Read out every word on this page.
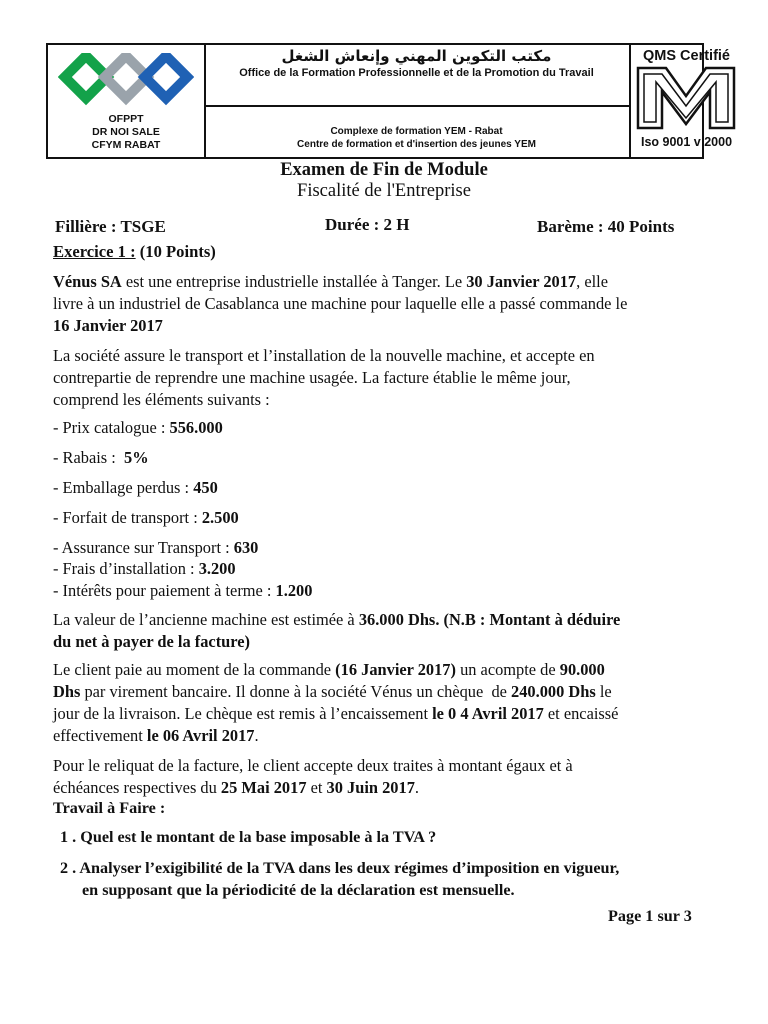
OFPPT
DR NOI SALE
CFYM RABAT
مكتب التكوين المهني وإنعاش الشغل
Office de la Formation Professionnelle et de la Promotion du Travail
Complexe de formation YEM - Rabat
Centre de formation et d'insertion des jeunes YEM
QMS Certifié
Iso 9001 v 2000
Examen de Fin de Module
Fiscalité de l'Entreprise
Fillière : TSGE	Durée : 2 H	Barème : 40 Points
Exercice 1 : (10 Points)
Vénus SA est une entreprise industrielle installée à Tanger. Le 30 Janvier 2017, elle
livre à un industriel de Casablanca une machine pour laquelle elle a passé commande le
16 Janvier 2017
La société assure le transport et l’installation de la nouvelle machine, et accepte en
contrepartie de reprendre une machine usagée. La facture établie le même jour,
comprend les éléments suivants :
- Prix catalogue : 556.000
- Rabais :  5%
- Emballage perdus : 450
- Forfait de transport : 2.500
- Assurance sur Transport : 630
- Frais d’installation : 3.200
- Intérêts pour paiement à terme : 1.200
La valeur de l’ancienne machine est estimée à 36.000 Dhs. (N.B : Montant à déduire
du net à payer de la facture)
Le client paie au moment de la commande (16 Janvier 2017) un acompte de 90.000
Dhs par virement bancaire. Il donne à la société Vénus un chèque  de 240.000 Dhs le
jour de la livraison. Le chèque est remis à l’encaissement le 0 4 Avril 2017 et encaissé
effectivement le 06 Avril 2017.
Pour le reliquat de la facture, le client accepte deux traites à montant égaux et à
échéances respectives du 25 Mai 2017 et 30 Juin 2017.
Travail à Faire :
1 . Quel est le montant de la base imposable à la TVA ?
2 . Analyser l’exigibilité de la TVA dans les deux régimes d’imposition en vigueur,
en supposant que la périodicité de la déclaration est mensuelle.
Page 1 sur 3
